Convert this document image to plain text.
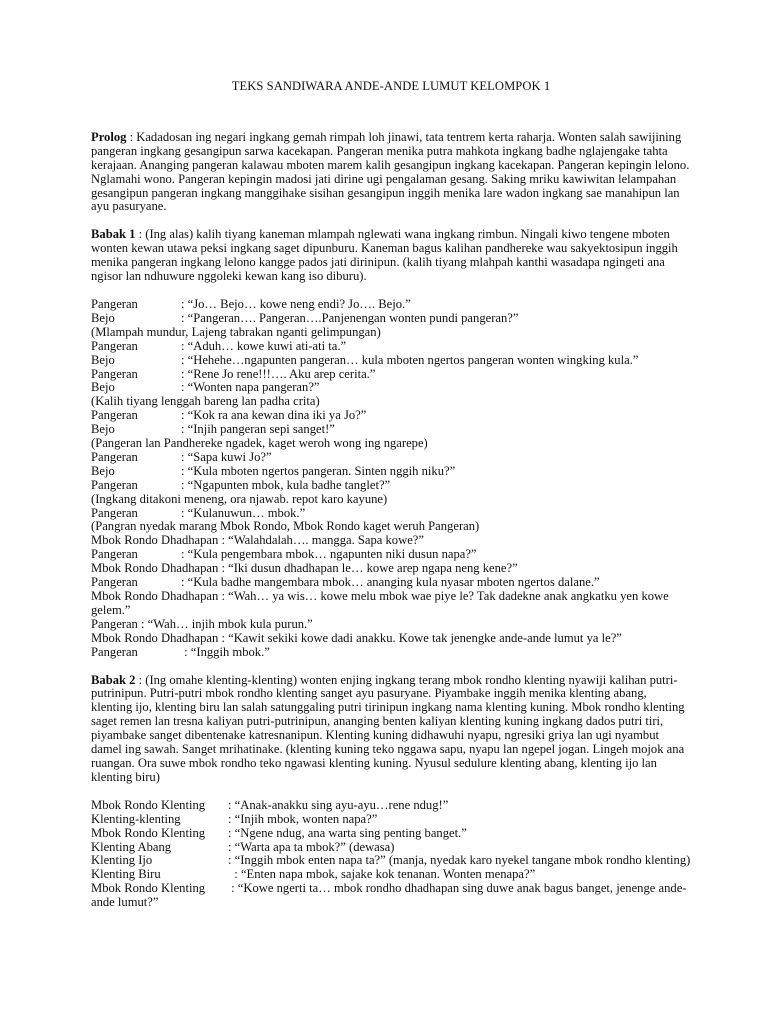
TEKS SANDIWARA ANDE-ANDE LUMUT KELOMPOK 1
Prolog : Kadadosan ing negari ingkang gemah rimpah loh jinawi, tata tentrem kerta raharja. Wonten salah sawijining pangeran ingkang gesangipun sarwa kacekapan. Pangeran menika putra mahkota ingkang badhe nglajengake tahta kerajaan. Ananging pangeran kalawau mboten marem kalih gesangipun ingkang kacekapan. Pangeran kepingin lelono. Nglamahi wono. Pangeran kepingin madosi jati dirine ugi pengalaman gesang. Saking mriku kawiwitan lelampahan gesangipun pangeran ingkang manggihake sisihan gesangipun inggih menika lare wadon ingkang sae manahipun lan ayu pasuryane.
Babak 1 : (Ing alas) kalih tiyang kaneman mlampah nglewati wana ingkang rimbun. Ningali kiwo tengene mboten wonten kewan utawa peksi ingkang saget dipunburu. Kaneman bagus kalihan pandhereke wau sakyektosipun inggih menika pangeran ingkang lelono kangge pados jati dirinipun. (kalih tiyang mlahpah kanthi wasadapa ngingeti ana ngisor lan ndhuwure nggoleki kewan kang iso diburu).
Pangeran	: “Jo… Bejo… kowe neng endi? Jo…. Bejo.”
Bejo	: “Pangeran…. Pangeran….Panjenengan wonten pundi pangeran?”
(Mlampah mundur, Lajeng tabrakan nganti gelimpungan)
Pangeran	: “Aduh… kowe kuwi ati-ati ta.”
Bejo	: “Hehehe…ngapunten pangeran… kula mboten ngertos pangeran wonten wingking kula.”
Pangeran	: “Rene Jo rene!!!…. Aku arep cerita.”
Bejo	: “Wonten napa pangeran?”
(Kalih tiyang lenggah bareng lan padha crita)
Pangeran	: “Kok ra ana kewan dina iki ya Jo?”
Bejo	: “Injih pangeran sepi sanget!”
(Pangeran lan Pandhereke ngadek, kaget weroh wong ing ngarepe)
Pangeran	: “Sapa kuwi Jo?”
Bejo	: “Kula mboten ngertos pangeran. Sinten nggih niku?”
Pangeran	: “Ngapunten mbok, kula badhe tanglet?”
(Ingkang ditakoni meneng, ora njawab. repot karo kayune)
Pangeran	: “Kulanuwun… mbok.”
(Pangran nyedak marang Mbok Rondo, Mbok Rondo kaget weruh Pangeran)
Mbok Rondo Dhadhapan : “Walahdalah…. mangga. Sapa kowe?”
Pangeran	: “Kula pengembara mbok… ngapunten niki dusun napa?”
Mbok Rondo Dhadhapan : “Iki dusun dhadhapan le… kowe arep ngapa neng kene?”
Pangeran	: “Kula badhe mangembara mbok… ananging kula nyasar mboten ngertos dalane.”
Mbok Rondo Dhadhapan : “Wah… ya wis… kowe melu mbok wae piye le? Tak dadekne anak angkatku yen kowe gelem.”
Pangeran : “Wah… injih mbok kula purun.”
Mbok Rondo Dhadhapan : “Kawit sekiki kowe dadi anakku. Kowe tak jenengke ande-ande lumut ya le?”
Pangeran	: “Inggih mbok.”
Babak 2 : (Ing omahe klenting-klenting) wonten enjing ingkang terang mbok rondho klenting nyawiji kalihan putri-putrinipun. Putri-putri mbok rondho klenting sanget ayu pasuryane. Piyambake inggih menika klenting abang, klenting ijo, klenting biru lan salah satunggaling putri tirinipun ingkang nama klenting kuning. Mbok rondho klenting saget remen lan tresna kaliyan putri-putrinipun, ananging benten kaliyan klenting kuning ingkang dados putri tiri, piyambake sanget dibentenake katresnanipun. Klenting kuning didhawuhi nyapu, ngresiki griya lan ugi nyambut damel ing sawah. Sanget mrihatinake. (klenting kuning teko nggawa sapu, nyapu lan ngepel jogan. Lingeh mojok ana ruangan. Ora suwe mbok rondho teko ngawasi klenting kuning. Nyusul sedulure klenting abang, klenting ijo lan klenting biru)
Mbok Rondo Klenting	: “Anak-anakku sing ayu-ayu…rene ndug!”
Klenting-klenting	: “Injih mbok, wonten napa?”
Mbok Rondo Klenting	: “Ngene ndug, ana warta sing penting banget.”
Klenting Abang	: “Warta apa ta mbok?” (dewasa)
Klenting Ijo	: “Inggih mbok enten napa ta?” (manja, nyedak karo nyekel tangane mbok rondho klenting)
Klenting Biru	: “Enten napa mbok, sajake kok tenanan. Wonten menapa?”
Mbok Rondo Klenting : “Kowe ngerti ta… mbok rondho dhadhapan sing duwe anak bagus banget, jenenge ande-ande lumut?”
